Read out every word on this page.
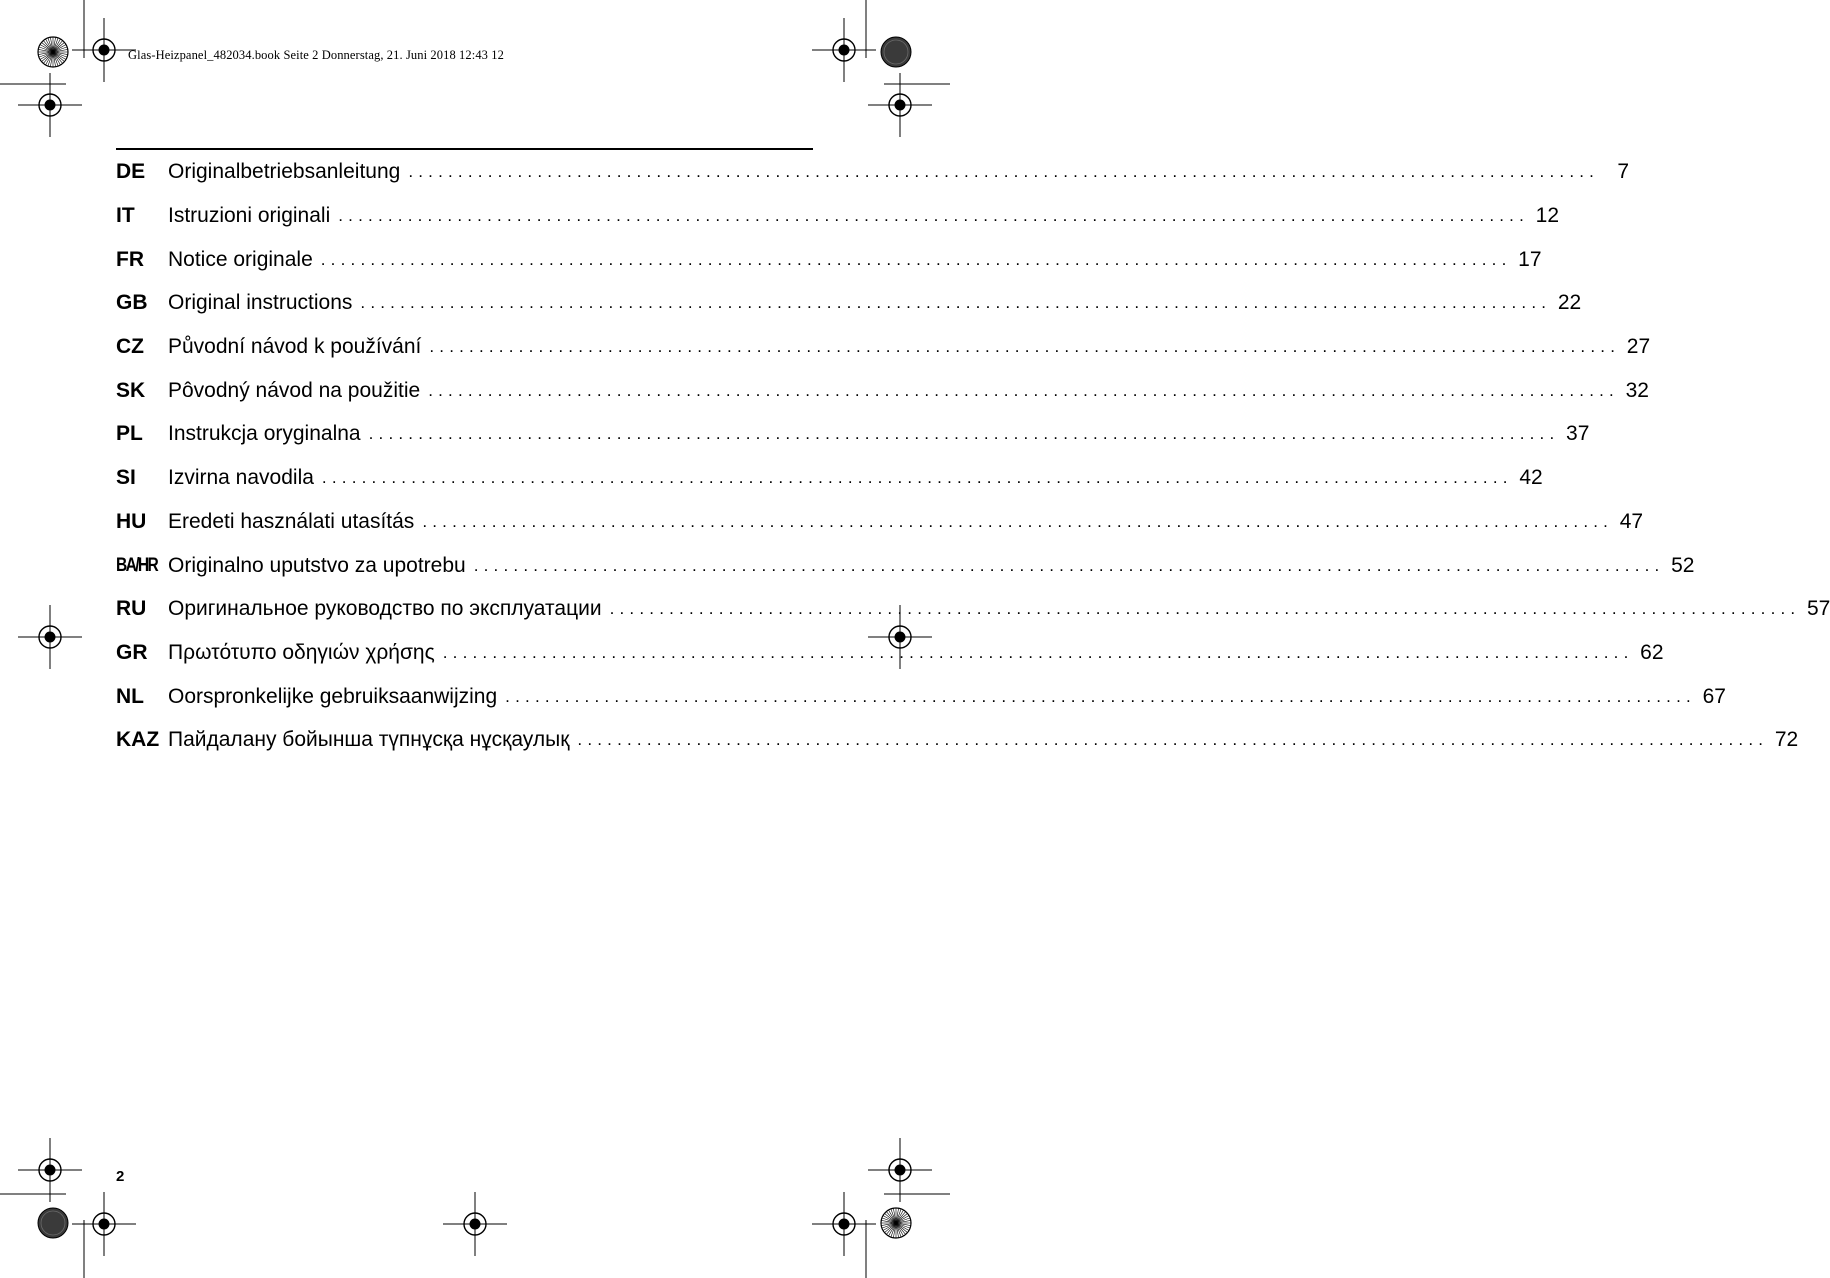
Glas-Heizpanel_482034.book Seite 2 Donnerstag, 21. Juni 2018 12:43 12
DE	Originalbetriebsanleitung ........................................................................................................................ 7
IT	Istruzioni originali ........................................................................................................................ 12
FR	Notice originale ........................................................................................................................ 17
GB Original instructions ........................................................................................................................ 22
CZ	Původní návod k používání ........................................................................................................................ 27
SK	Pôvodný návod na použitie ........................................................................................................................ 32
PL	Instrukcja oryginalna ........................................................................................................................ 37
SI	Izvirna navodila ........................................................................................................................ 42
HU	Eredeti használati utasítás ........................................................................................................................ 47
BA/HR Originalno uputstvo za upotrebu ........................................................................................................................ 52
RU	Оригинальное руководство по эксплуатации ........................................................................................................................ 57
GR Πρωτότυπο οδηγιών χρήσης ........................................................................................................................ 62
NL	Oorspronkelijke gebruiksaanwijzing ........................................................................................................................ 67
KAZ Пайдалану бойынша түпнұсқа нұсқаулық ........................................................................................................................ 72
2
